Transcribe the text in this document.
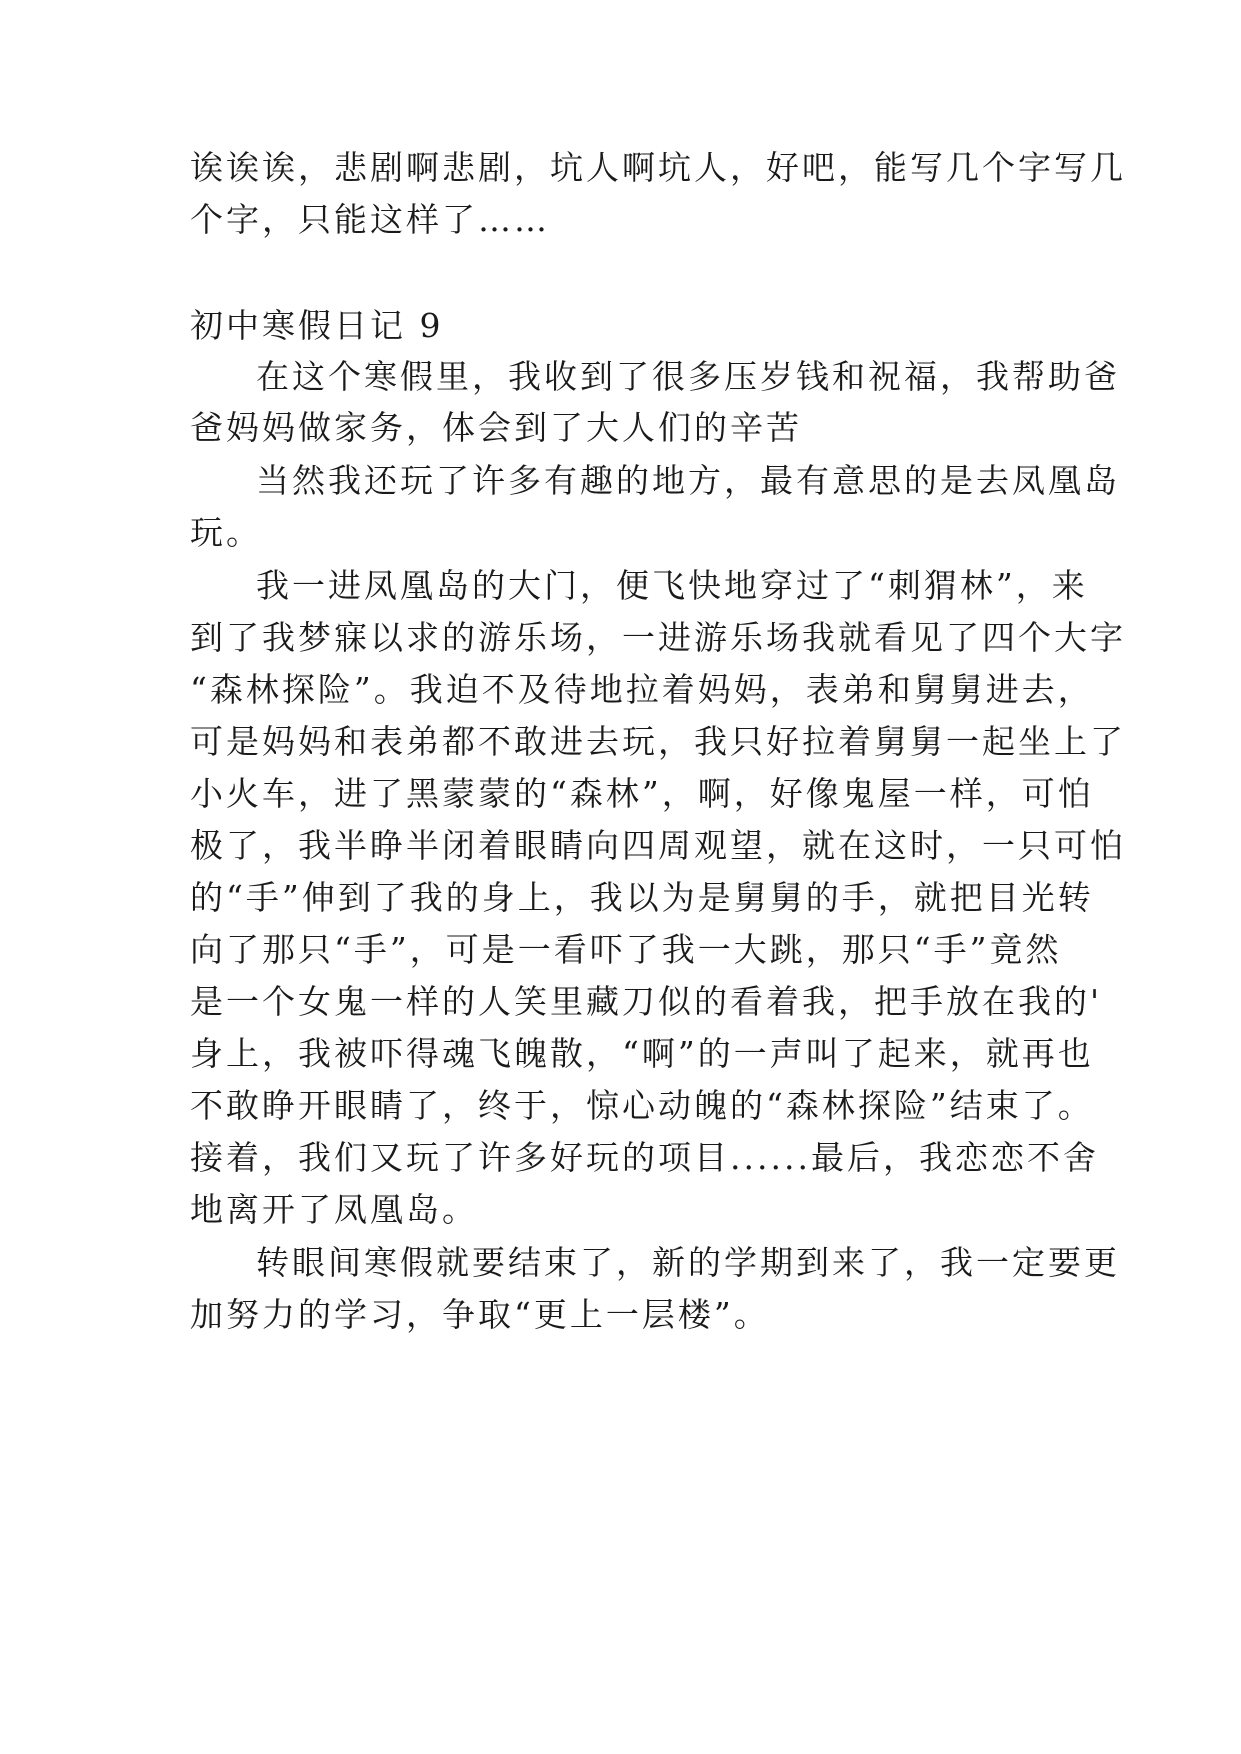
诶诶诶，悲剧啊悲剧，坑人啊坑人，好吧，能写几个字写几
个字，只能这样了……
初中寒假日记 9
在这个寒假里，我收到了很多压岁钱和祝福，我帮助爸
爸妈妈做家务，体会到了大人们的辛苦
当然我还玩了许多有趣的地方，最有意思的是去凤凰岛
玩。
我一进凤凰岛的大门，便飞快地穿过了“刺猬林”，来
到了我梦寐以求的游乐场，一进游乐场我就看见了四个大字
“森林探险”。我迫不及待地拉着妈妈，表弟和舅舅进去，
可是妈妈和表弟都不敢进去玩，我只好拉着舅舅一起坐上了
小火车，进了黑蒙蒙的“森林”，啊，好像鬼屋一样，可怕
极了，我半睁半闭着眼睛向四周观望，就在这时，一只可怕
的“手”伸到了我的身上，我以为是舅舅的手，就把目光转
向了那只“手”，可是一看吓了我一大跳，那只“手”竟然
是一个女鬼一样的人笑里藏刀似的看着我，把手放在我的'
身上，我被吓得魂飞魄散，“啊”的一声叫了起来，就再也
不敢睁开眼睛了，终于，惊心动魄的“森林探险”结束了。
接着，我们又玩了许多好玩的项目......最后，我恋恋不舍
地离开了凤凰岛。
转眼间寒假就要结束了，新的学期到来了，我一定要更
加努力的学习，争取“更上一层楼”。
